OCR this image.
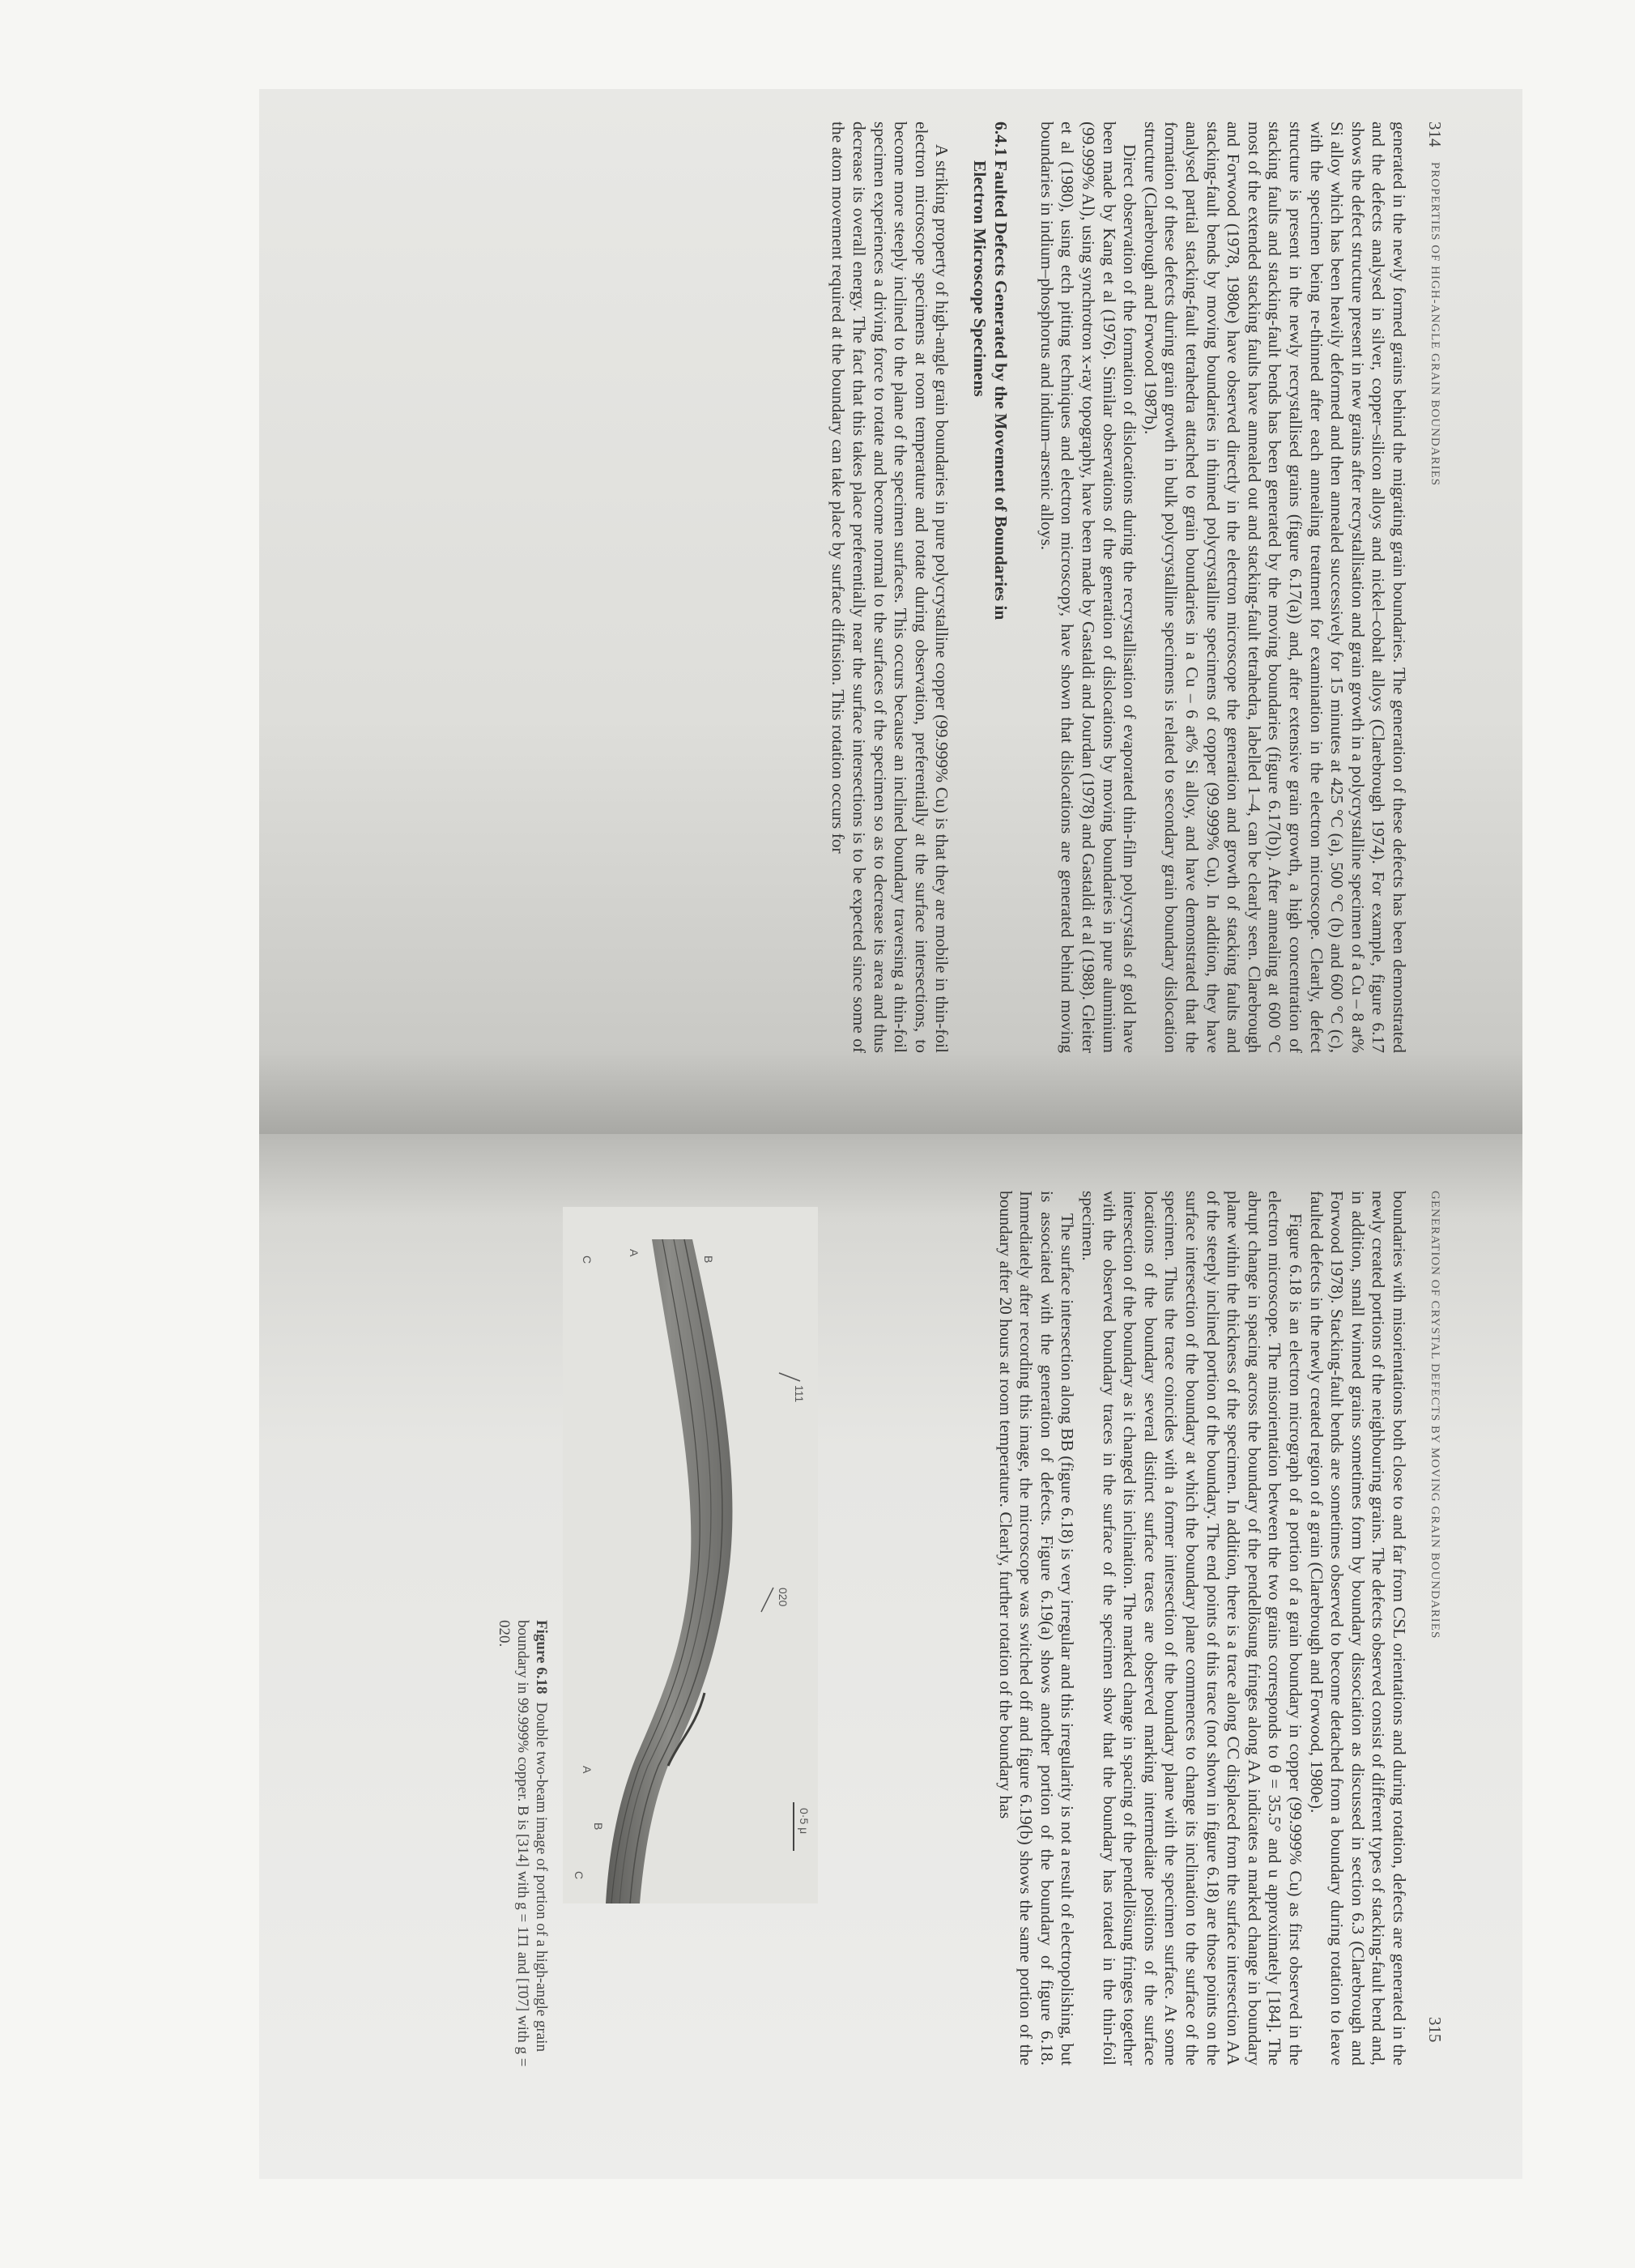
314
PROPERTIES OF HIGH-ANGLE GRAIN BOUNDARIES

generated in the newly formed grains behind the migrating grain boundaries. The generation of these defects has been demonstrated and the defects analysed in silver, copper–silicon alloys and nickel–cobalt alloys (Clarebrough 1974). For example, figure 6.17 shows the defect structure present in new grains after recrystallisation and grain growth in a polycrystalline specimen of a Cu – 8 at% Si alloy which has been heavily deformed and then annealed successively for 15 minutes at 425 °C (a), 500 °C (b) and 600 °C (c), with the specimen being re-thinned after each annealing treatment for examination in the electron microscope. Clearly, defect structure is present in the newly recrystallised grains (figure 6.17(a)) and, after extensive grain growth, a high concentration of stacking faults and stacking-fault bends has been generated by the moving boundaries (figure 6.17(b)). After annealing at 600 °C most of the extended stacking faults have annealed out and stacking-fault tetrahedra, labelled 1–4, can be clearly seen. Clarebrough and Forwood (1978, 1980e) have observed directly in the electron microscope the generation and growth of stacking faults and stacking-fault bends by moving boundaries in thinned polycrystalline specimens of copper (99.999% Cu). In addition, they have analysed partial stacking-fault tetrahedra attached to grain boundaries in a Cu – 6 at% Si alloy, and have demonstrated that the formation of these defects during grain growth in bulk polycrystalline specimens is related to secondary grain boundary dislocation structure (Clarebrough and Forwood 1987b).

Direct observation of the formation of dislocations during the recrystallisation of evaporated thin-film polycrystals of gold have been made by Kang et al (1976). Similar observations of the generation of dislocations by moving boundaries in pure aluminium (99.999% Al), using synchrotron x-ray topography, have been made by Gastaldi and Jourdan (1978) and Gastaldi et al (1988). Gleiter et al (1980), using etch pitting techniques and electron microscopy, have shown that dislocations are generated behind moving boundaries in indium–phosphorus and indium–arsenic alloys.

6.4.1Faulted Defects Generated by the Movement of Boundaries in
Electron Microscope Specimens

A striking property of high-angle grain boundaries in pure polycrystalline copper (99.999% Cu) is that they are mobile in thin-foil electron microscope specimens at room temperature and rotate during observation, preferentially at the surface intersections, to become more steeply inclined to the plane of the specimen surfaces. This occurs because an inclined boundary traversing a thin-foil specimen experiences a driving force to rotate and become normal to the surfaces of the specimen so as to decrease its area and thus decrease its overall energy. The fact that this takes place preferentially near the surface intersections is to be expected since some of the atom movement required at the boundary can take place by surface diffusion. This rotation occurs for

GENERATION OF CRYSTAL DEFECTS BY MOVING GRAIN BOUNDARIES
315

boundaries with misorientations both close to and far from CSL orientations and during rotation, defects are generated in the newly created portions of the neighbouring grains. The defects observed consist of different types of stacking-fault bend and, in addition, small twinned grains sometimes form by boundary dissociation as discussed in section 6.3 (Clarebrough and Forwood 1978). Stacking-fault bends are sometimes observed to become detached from a boundary during rotation to leave faulted defects in the newly created region of a grain (Clarebrough and Forwood, 1980e).

Figure 6.18 is an electron micrograph of a portion of a grain boundary in copper (99.999% Cu) as first observed in the electron microscope. The misorientation between the two grains corresponds to θ = 35.5° and u approximately [184]. The abrupt change in spacing across the boundary of the pendellösung fringes along AA indicates a marked change in boundary plane within the thickness of the specimen. In addition, there is a trace along CC displaced from the surface intersection AA of the steeply inclined portion of the boundary. The end points of this trace (not shown in figure 6.18) are those points on the surface intersection of the boundary at which the boundary plane commences to change its inclination to the surface of the specimen. Thus the trace coincides with a former intersection of the boundary plane with the specimen surface. At some locations of the boundary several distinct surface traces are observed marking intermediate positions of the surface intersection of the boundary as it changed its inclination. The marked change in spacing of the pendellösung fringes together with the observed boundary traces in the surface of the specimen show that the boundary has rotated in the thin-foil specimen.

The surface intersection along BB (figure 6.18) is very irregular and this irregularity is not a result of electropolishing, but is associated with the generation of defects. Figure 6.19(a) shows another portion of the boundary of figure 6.18. Immediately after recording this image, the microscope was switched off and figure 6.19(b) shows the same portion of the boundary after 20 hours at room temperature. Clearly, further rotation of the boundary has

111
020
0·5 μ
B
A
C
A
B
C
Figure 6.18Double two-beam image of portion of a high-angle grain boundary in 99.999% copper. B is [314] with g = 11̄1 and [1̄07] with g = 020.
